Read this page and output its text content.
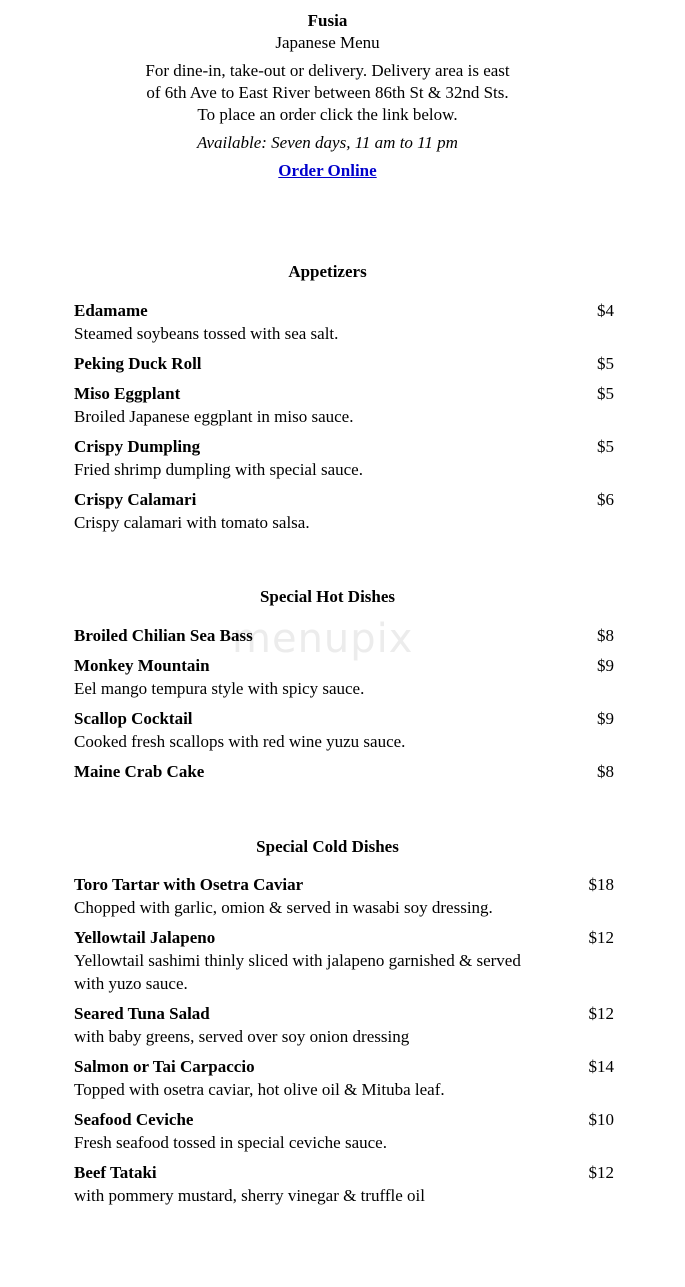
Fusia
Japanese Menu
For dine-in, take-out or delivery. Delivery area is east of 6th Ave to East River between 86th St & 32nd Sts. To place an order click the link below.
Available: Seven days, 11 am to 11 pm
Order Online
menupix
Appetizers
Edamame	$4
Steamed soybeans tossed with sea salt.
Peking Duck Roll	$5
Miso Eggplant	$5
Broiled Japanese eggplant in miso sauce.
Crispy Dumpling	$5
Fried shrimp dumpling with special sauce.
Crispy Calamari	$6
Crispy calamari with tomato salsa.
Special Hot Dishes
Broiled Chilian Sea Bass	$8
Monkey Mountain	$9
Eel mango tempura style with spicy sauce.
Scallop Cocktail	$9
Cooked fresh scallops with red wine yuzu sauce.
Maine Crab Cake	$8
Special Cold Dishes
Toro Tartar with Osetra Caviar	$18
Chopped with garlic, omion & served in wasabi soy dressing.
Yellowtail Jalapeno	$12
Yellowtail sashimi thinly sliced with jalapeno garnished & served with yuzo sauce.
Seared Tuna Salad	$12
with baby greens, served over soy onion dressing
Salmon or Tai Carpaccio	$14
Topped with osetra caviar, hot olive oil & Mituba leaf.
Seafood Ceviche	$10
Fresh seafood tossed in special ceviche sauce.
Beef Tataki	$12
with pommery mustard, sherry vinegar & truffle oil
